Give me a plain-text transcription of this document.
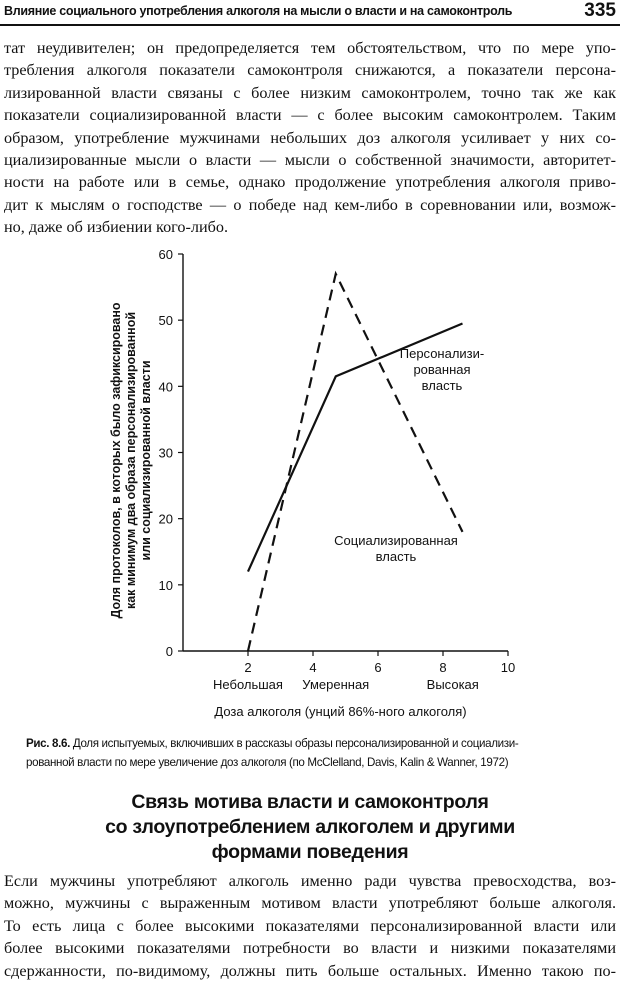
Влияние социального употребления алкоголя на мысли о власти и на самоконтроль	335

тат неудивителен; он предопределяется тем обстоятельством, что по мере упо-
требления алкоголя показатели самоконтроля снижаются, а показатели персона-
лизированной власти связаны с более низким самоконтролем, точно так же как
показатели социализированной власти — с более высоким самоконтролем. Таким
образом, употребление мужчинами небольших доз алкоголя усиливает у них со-
циализированные мысли о власти — мысли о собственной значимости, авторитет-
ности на работе или в семье, однако продолжение употребления алкоголя приво-
дит к мыслям о господстве — о победе над кем-либо в соревновании или, возмож-
но, даже об избиении кого-либо.

0
10
20
30
40
50
60
2	4	6	8	10
Небольшая Умеренная	Высокая
Доза алкоголя (унций 86%-ного алкоголя)
Доля протоколов, в которых было зафиксировано как минимум два образа персонализированной или социализированной власти
Персонализи-
рованная
власть
Социализированная
власть

Рис. 8.6. Доля испытуемых, включивших в рассказы образы персонализированной и социализи-
рованной власти по мере увеличение доз алкоголя (по McClelland, Davis, Kalin & Wanner, 1972)

Связь мотива власти и самоконтроля
со злоупотреблением алкоголем и другими
формами поведения

Если мужчины употребляют алкоголь именно ради чувства превосходства, воз-
можно, мужчины с выраженным мотивом власти употребляют больше алкоголя.
То есть лица с более высокими показателями персонализированной власти или
более высокими показателями потребности во власти и низкими показателями
сдержанности, по-видимому, должны пить больше остальных. Именно такою по-
